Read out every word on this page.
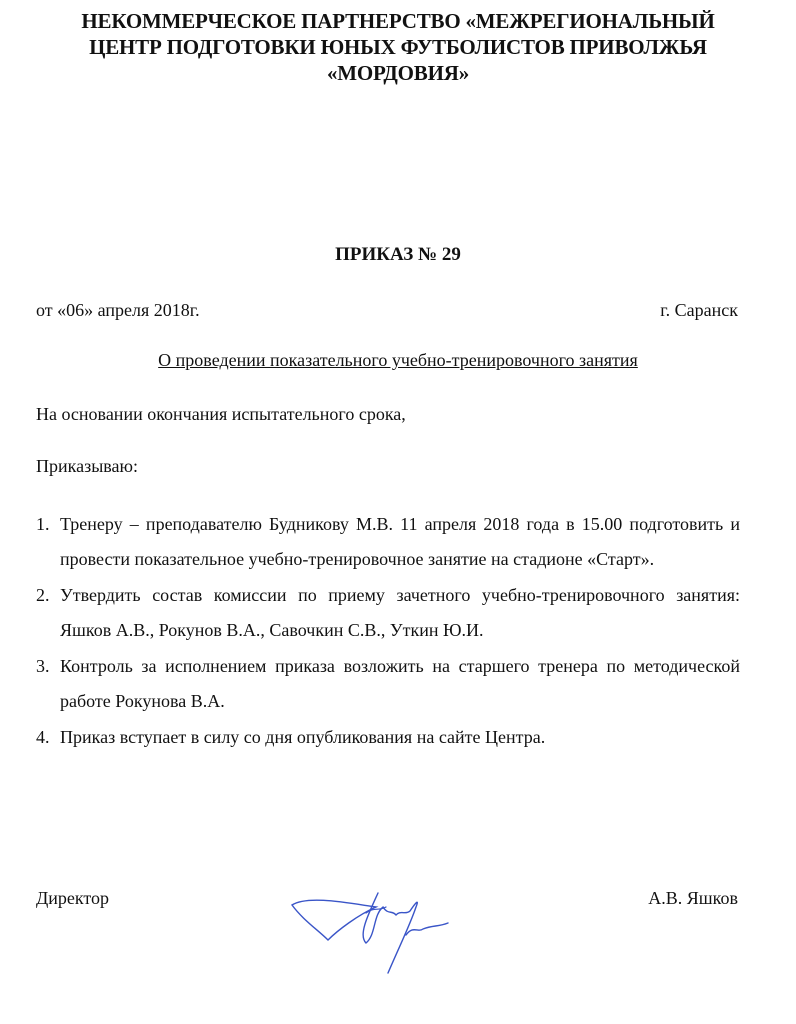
НЕКОММЕРЧЕСКОЕ ПАРТНЕРСТВО «МЕЖРЕГИОНАЛЬНЫЙ
ЦЕНТР ПОДГОТОВКИ ЮНЫХ ФУТБОЛИСТОВ ПРИВОЛЖЬЯ
«МОРДОВИЯ»
ПРИКАЗ № 29
от «06» апреля 2018г.	г. Саранск
О проведении показательного учебно-тренировочного занятия
На основании окончания испытательного срока,
Приказываю:
1. Тренеру – преподавателю Будникову М.В. 11 апреля 2018 года в 15.00 подготовить и провести показательное учебно-тренировочное занятие на стадионе «Старт».
2. Утвердить состав комиссии по приему зачетного учебно-тренировочного занятия: Яшков А.В., Рокунов В.А., Савочкин С.В., Уткин Ю.И.
3. Контроль за исполнением приказа возложить на старшего тренера по методической работе Рокунова В.А.
4. Приказ вступает в силу со дня опубликования на сайте Центра.
Директор	А.В. Яшков
